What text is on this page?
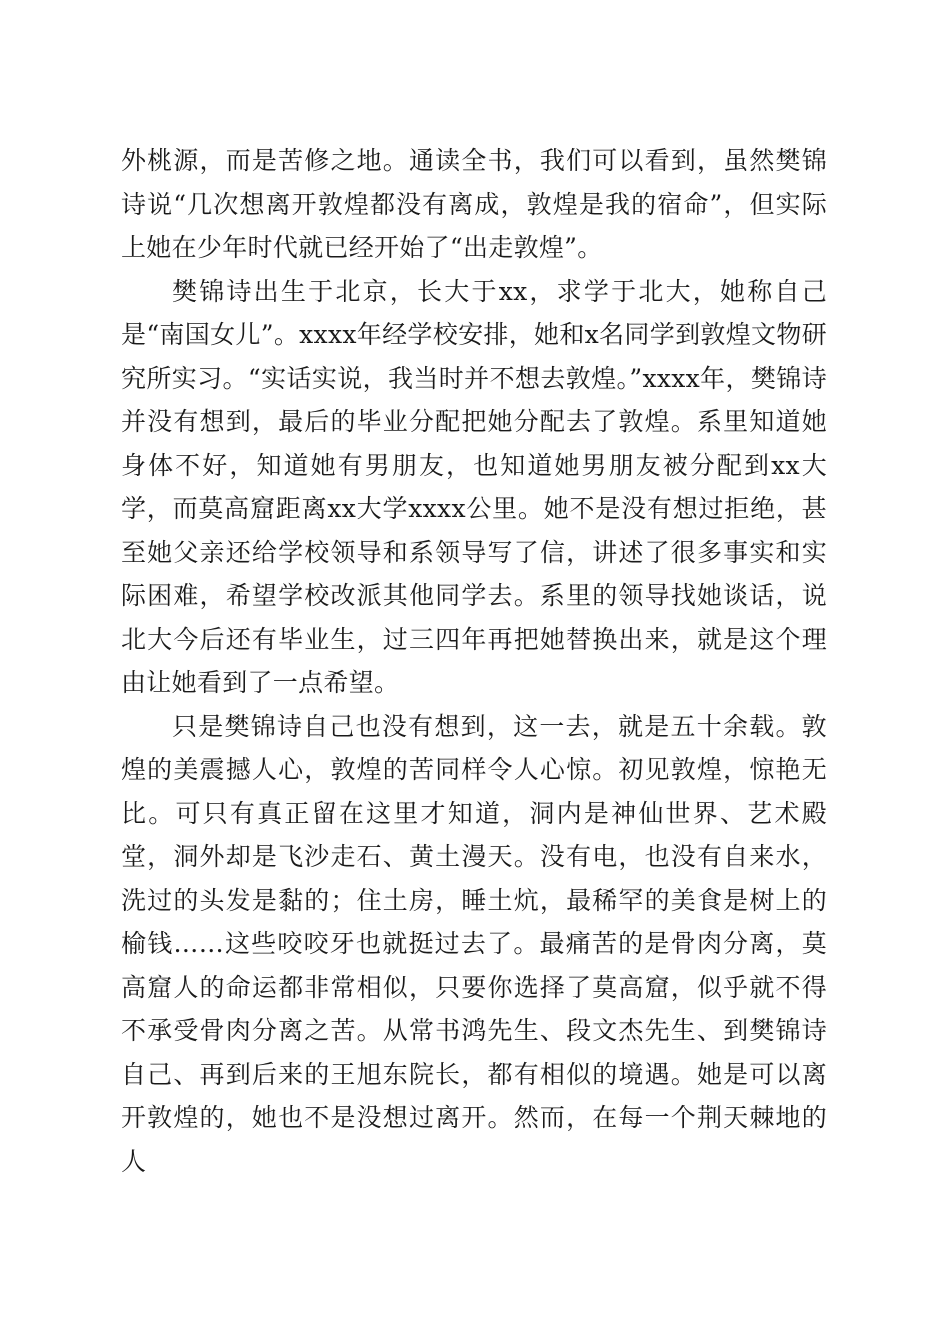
外桃源，而是苦修之地。通读全书，我们可以看到，虽然樊锦诗说“几次想离开敦煌都没有离成，敦煌是我的宿命”，但实际上她在少年时代就已经开始了“出走敦煌”。

樊锦诗出生于北京，长大于xx，求学于北大，她称自己是“南国女儿”。xxxx年经学校安排，她和x名同学到敦煌文物研究所实习。“实话实说，我当时并不想去敦煌。”xxxx年，樊锦诗并没有想到，最后的毕业分配把她分配去了敦煌。系里知道她身体不好，知道她有男朋友，也知道她男朋友被分配到xx大学，而莫高窟距离xx大学xxxx公里。她不是没有想过拒绝，甚至她父亲还给学校领导和系领导写了信，讲述了很多事实和实际困难，希望学校改派其他同学去。系里的领导找她谈话，说北大今后还有毕业生，过三四年再把她替换出来，就是这个理由让她看到了一点希望。

只是樊锦诗自己也没有想到，这一去，就是五十余载。敦煌的美震撼人心，敦煌的苦同样令人心惊。初见敦煌，惊艳无比。可只有真正留在这里才知道，洞内是神仙世界、艺术殿堂，洞外却是飞沙走石、黄土漫天。没有电，也没有自来水，洗过的头发是黏的；住土房，睡土炕，最稀罕的美食是树上的榆钱……这些咬咬牙也就挺过去了。最痛苦的是骨肉分离，莫高窟人的命运都非常相似，只要你选择了莫高窟，似乎就不得不承受骨肉分离之苦。从常书鸿先生、段文杰先生、到樊锦诗自己、再到后来的王旭东院长，都有相似的境遇。她是可以离开敦煌的，她也不是没想过离开。然而，在每一个荆天棘地的人
